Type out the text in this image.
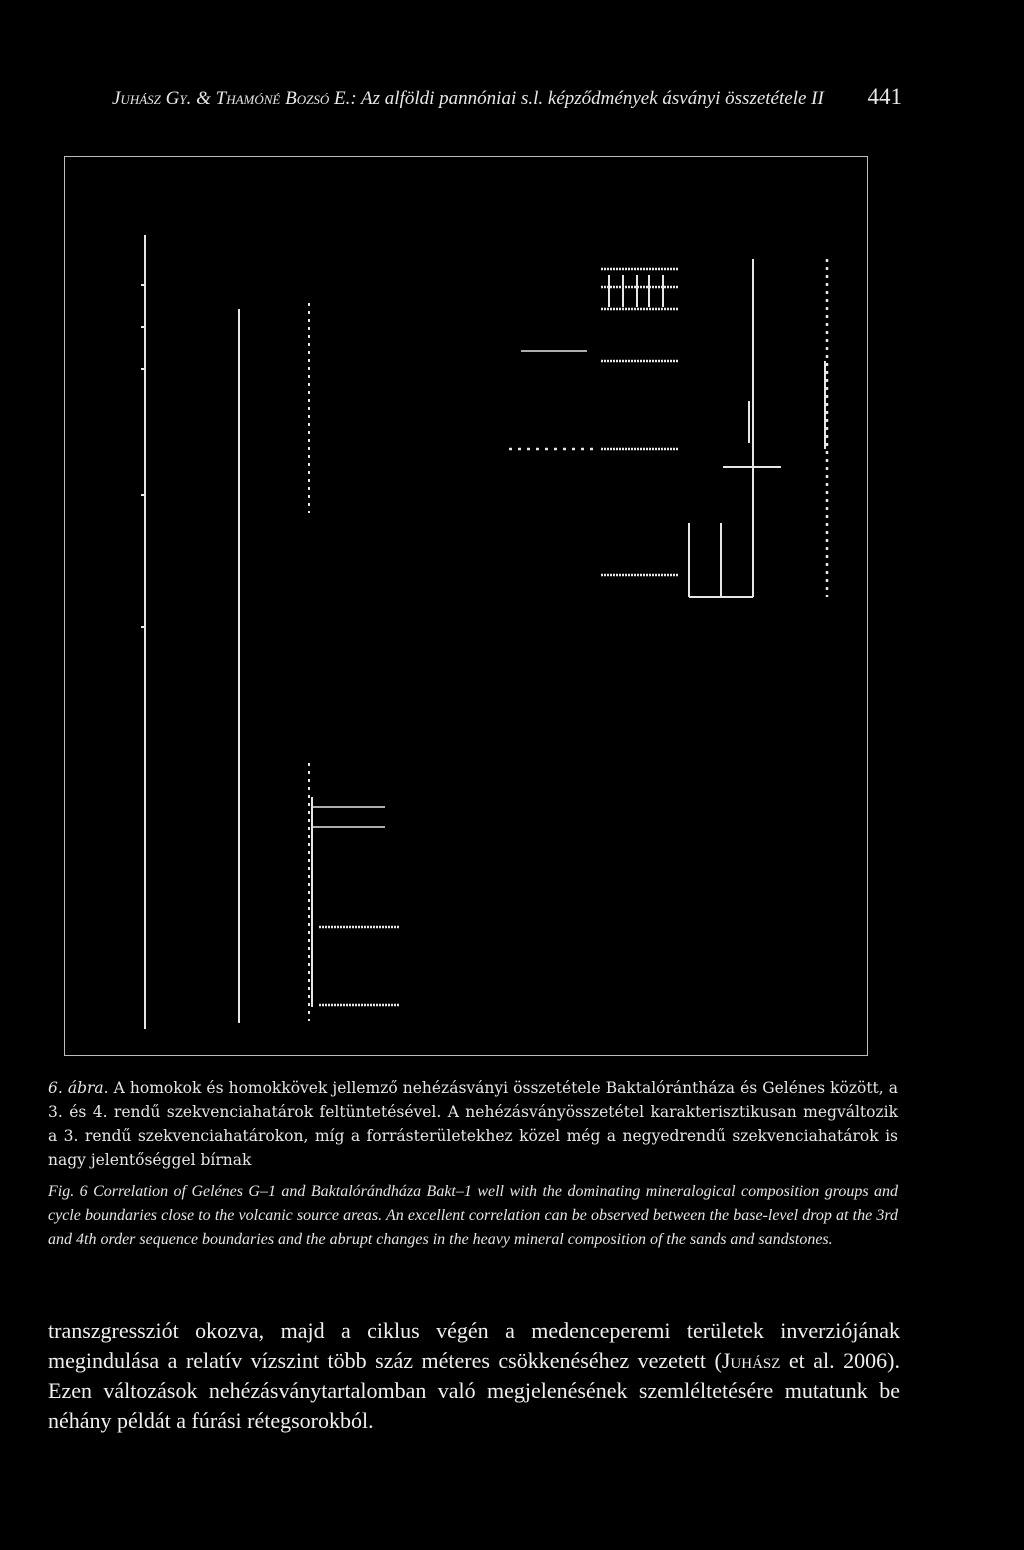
Juhász Gy. & Thamóné Bozsó E.: Az alföldi pannóniai s.l. képződmények ásványi összetétele II 441
6. ábra. A homokok és homokkövek jellemző nehézásványi összetétele Baktalórántháza és Gelénes között, a 3. és 4. rendű szekvenciahatárok feltüntetésével. A nehézásványösszetétel karakterisztikusan megváltozik a 3. rendű szekvenciahatárokon, míg a forrásterületekhez közel még a negyedrendű szekvenciahatárok is nagy jelentőséggel bírnak
Fig. 6 Correlation of Gelénes G–1 and Baktalórándháza Bakt–1 well with the dominating mineralogical composition groups and cycle boundaries close to the volcanic source areas. An excellent correlation can be observed between the base-level drop at the 3rd and 4th order sequence boundaries and the abrupt changes in the heavy mineral composition of the sands and sandstones.
transzgressziót okozva, majd a ciklus végén a medenceperemi területek inverziójának megindulása a relatív vízszint több száz méteres csökkenéséhez vezetett (Juhász et al. 2006). Ezen változások nehézásványtartalomban való megjelenésének szemléltetésére mutatunk be néhány példát a fúrási rétegsorokból.
